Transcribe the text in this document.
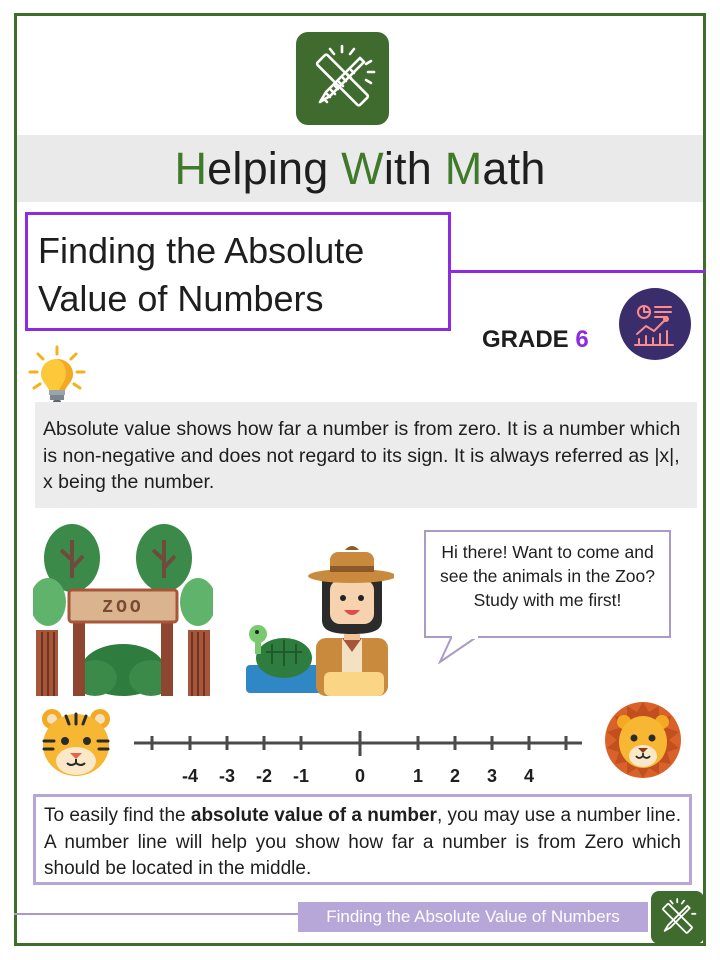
Helping With Math
Finding the Absolute
Value of Numbers
GRADE 6

Absolute value shows how far a number is from zero. It is a number which is non-negative and does not regard to its sign. It is always referred as |x|, x being the number.

ZOO

Hi there! Want to come and see the animals in the Zoo? Study with me first!

-4 -3 -2 -1	0	1 2 3 4

To easily find the absolute value of a number, you may use a number line. A number line will help you show how far a number is from Zero which should be located in the middle.

Finding the Absolute Value of Numbers
